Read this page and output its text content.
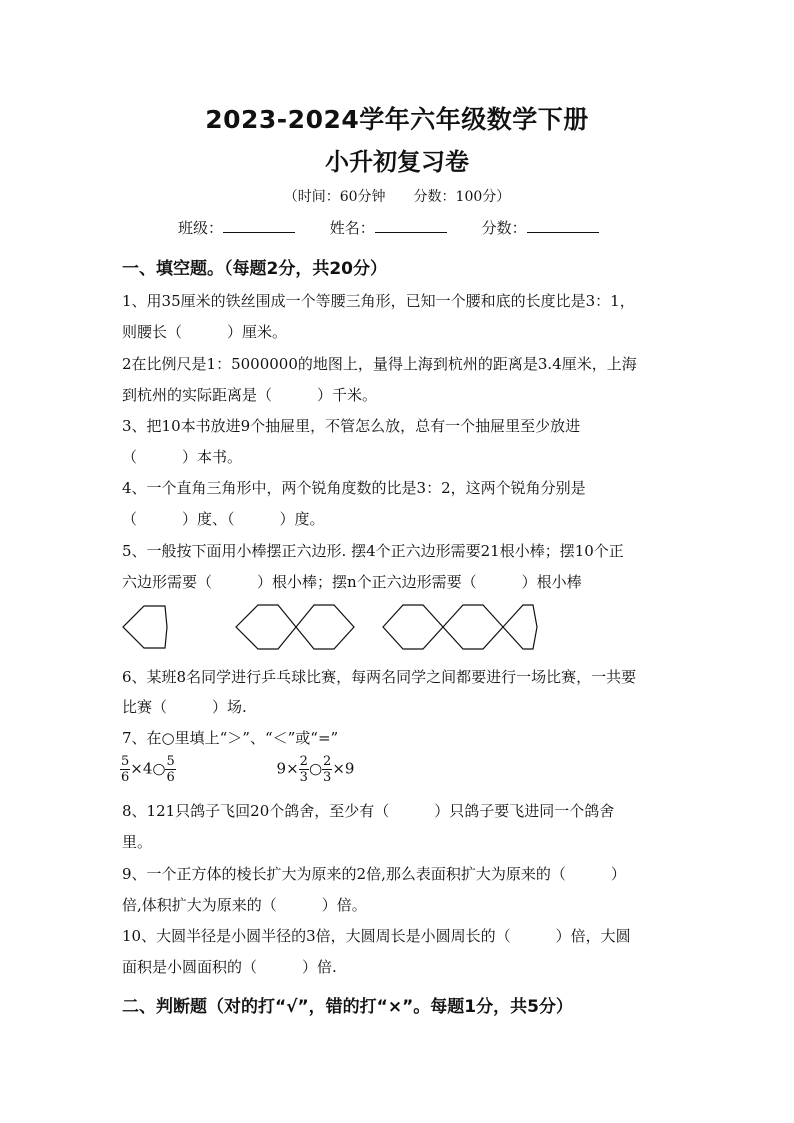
2023-2024学年六年级数学下册
小升初复习卷
（时间：60分钟 分数：100分）
班级：	姓名：	分数：
一、填空题。（每题2分，共20分）
1、用35厘米的铁丝围成一个等腰三角形，已知一个腰和底的长度比是3：1，
则腰长（　　　）厘米。
2在比例尺是1：5000000的地图上，量得上海到杭州的距离是3.4厘米，上海
到杭州的实际距离是（　　　）千米。
3、把10本书放进9个抽屉里，不管怎么放，总有一个抽屉里至少放进
（　　　）本书。
4、一个直角三角形中，两个锐角度数的比是3：2，这两个锐角分别是
（　　　）度、（　　　）度。
5、一般按下面用小棒摆正六边形. 摆4个正六边形需要21根小棒；摆10个正
六边形需要（　　　）根小棒；摆n个正六边形需要（　　　）根小棒
6、某班8名同学进行乒乓球比赛，每两名同学之间都要进行一场比赛，一共要
比赛（　　　）场.
7、在○里填上“＞”、“＜”或“=”
$\frac{5}{6}$ ×4○ $\frac{5}{6}$	$9\times \frac{2}{3}$ ○ $\frac{2}{3} \times 9$
8、121只鸽子飞回20个鸽舍，至少有（　　　）只鸽子要飞进同一个鸽舍
里。
9、一个正方体的棱长扩大为原来的2倍,那么表面积扩大为原来的（　　　）
倍,体积扩大为原来的（　　　）倍。
10、大圆半径是小圆半径的3倍，大圆周长是小圆周长的（　　　）倍，大圆
面积是小圆面积的（　　　）倍.
二、判断题（对的打“√”，错的打“×”。每题1分，共5分）
